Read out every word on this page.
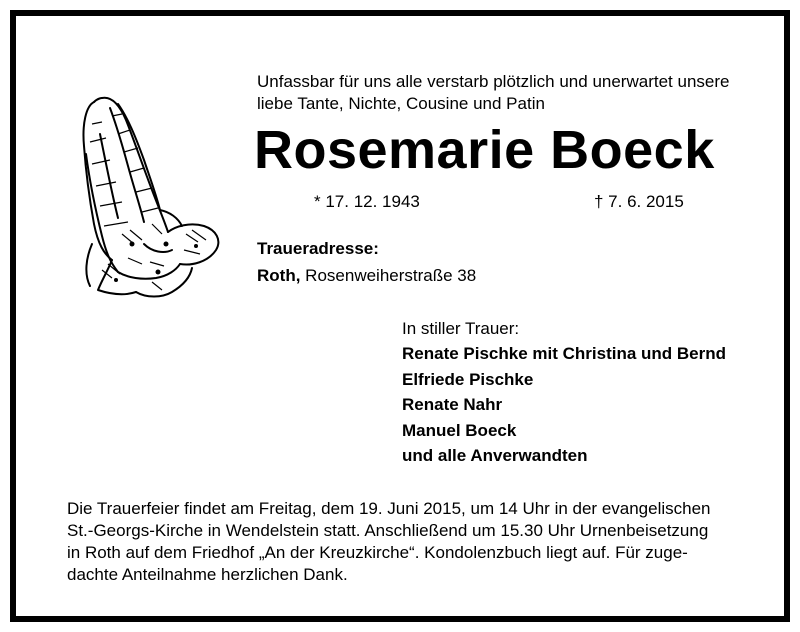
Unfassbar für uns alle verstarb plötzlich und unerwartet unsere
liebe Tante, Nichte, Cousine und Patin
Rosemarie Boeck
* 17. 12. 1943	† 7. 6. 2015
Traueradresse:
Roth, Rosenweiherstraße 38
In stiller Trauer:
Renate Pischke mit Christina und Bernd
Elfriede Pischke
Renate Nahr
Manuel Boeck
und alle Anverwandten
Die Trauerfeier findet am Freitag, dem 19. Juni 2015, um 14 Uhr in der evangelischen
St.-Georgs-Kirche in Wendelstein statt. Anschließend um 15.30 Uhr Urnenbeisetzung
in Roth auf dem Friedhof „An der Kreuzkirche“. Kondolenzbuch liegt auf. Für zuge-
dachte Anteilnahme herzlichen Dank.
